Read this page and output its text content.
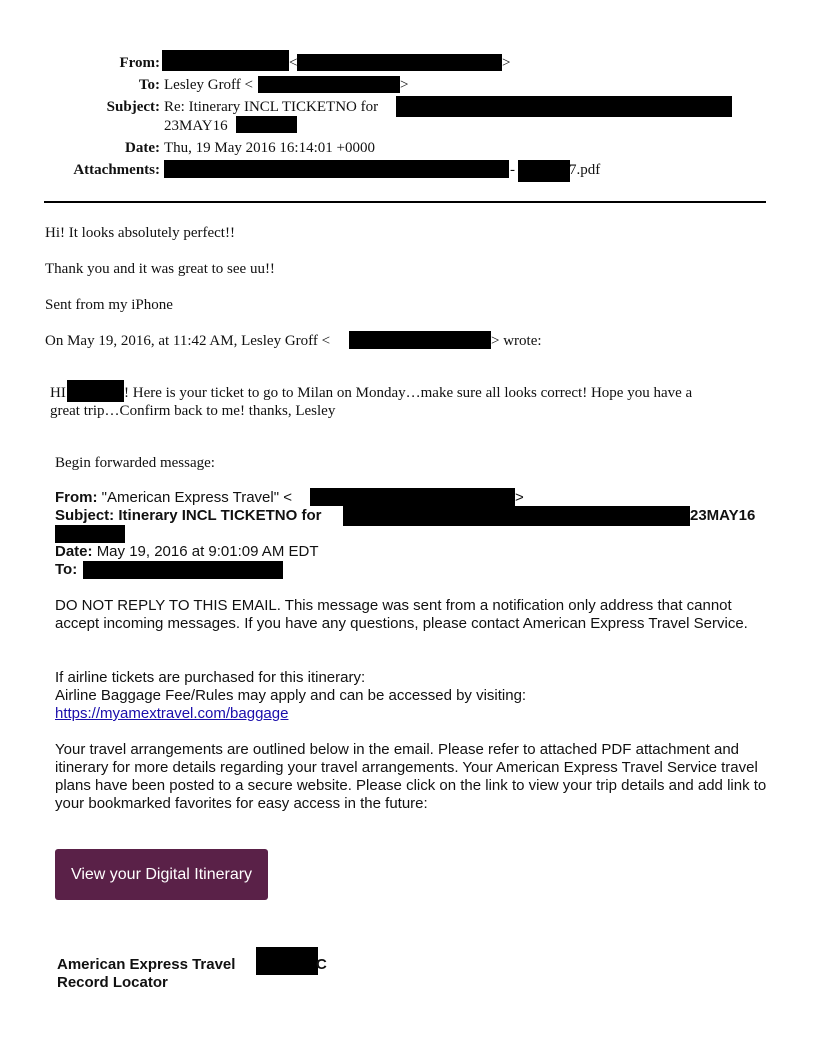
From:	<	>
To: Lesley Groff <	>
Subject: Re: Itinerary INCL TICKETNO for
23MAY16
Date: Thu, 19 May 2016 16:14:01 +0000
Attachments:	-	7.pdf
Hi! It looks absolutely perfect!!
Thank you and it was great to see uu!!
Sent from my iPhone
On May 19, 2016, at 11:42 AM, Lesley Groff <	> wrote:
HI	! Here is your ticket to go to Milan on Monday…make sure all looks correct! Hope you have a
great trip…Confirm back to me! thanks, Lesley
Begin forwarded message:
From: "American Express Travel" <	>
Subject: Itinerary INCL TICKETNO for	23MAY16
Date: May 19, 2016 at 9:01:09 AM EDT
To:
DO NOT REPLY TO THIS EMAIL. This message was sent from a notification only address that cannot accept incoming messages. If you have any questions, please contact American Express Travel Service.
If airline tickets are purchased for this itinerary:
Airline Baggage Fee/Rules may apply and can be accessed by visiting:
https://myamextravel.com/baggage
Your travel arrangements are outlined below in the email. Please refer to attached PDF attachment and itinerary for more details regarding your travel arrangements. Your American Express Travel Service travel plans have been posted to a secure website. Please click on the link to view your trip details and add link to your bookmarked favorites for easy access in the future:
View your Digital Itinerary
American Express Travel	C
Record Locator
